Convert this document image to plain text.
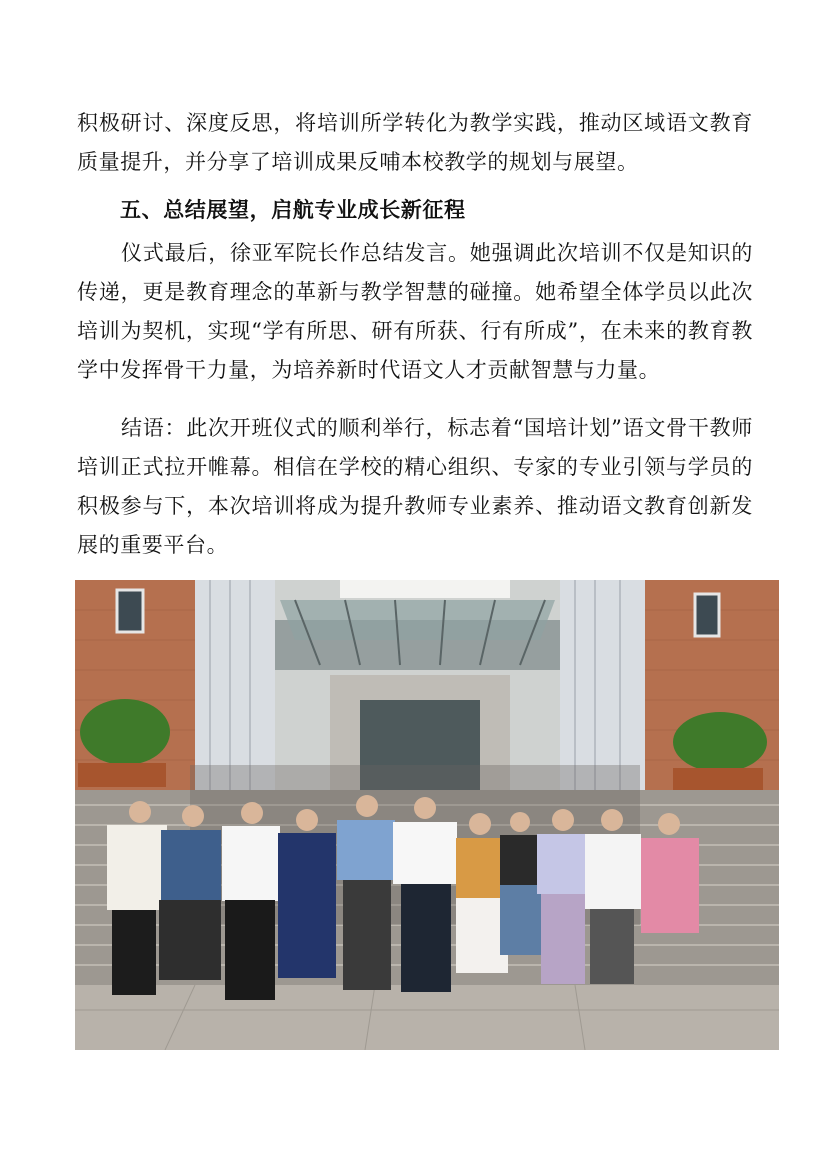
积极研讨、深度反思，将培训所学转化为教学实践，推动区域语文教育质量提升，并分享了培训成果反哺本校教学的规划与展望。

五、总结展望，启航专业成长新征程

仪式最后，徐亚军院长作总结发言。她强调此次培训不仅是知识的传递，更是教育理念的革新与教学智慧的碰撞。她希望全体学员以此次培训为契机，实现“学有所思、研有所获、行有所成”，在未来的教育教学中发挥骨干力量，为培养新时代语文人才贡献智慧与力量。

结语：此次开班仪式的顺利举行，标志着“国培计划”语文骨干教师培训正式拉开帷幕。相信在学校的精心组织、专家的专业引领与学员的积极参与下，本次培训将成为提升教师专业素养、推动语文教育创新发展的重要平台。
